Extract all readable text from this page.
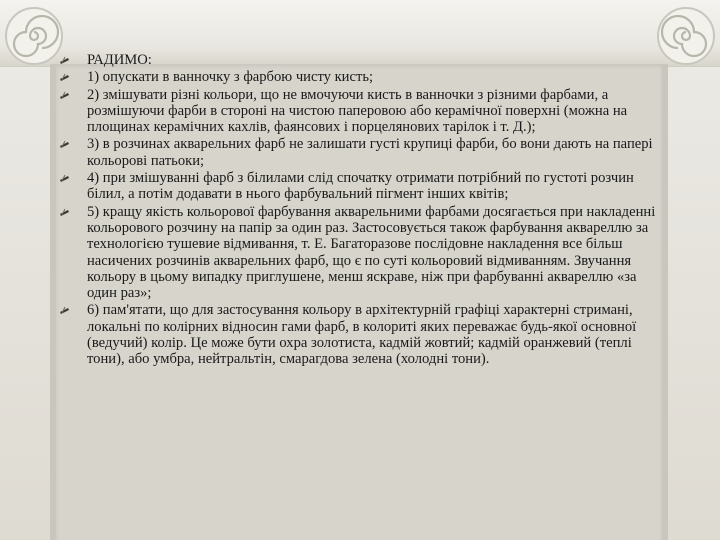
РАДИМО:
1) опускати в ванночку з фарбою чисту кисть;
2) змішувати різні кольори, що не вмочуючи кисть в ванночки з різними фарбами, а розмішуючи фарби в стороні на чистою паперовою або керамічної поверхні (можна на площинах керамічних кахлів, фаянсових і порцелянових тарілок і т. Д.);
3) в розчинах акварельних фарб не залишати густі крупиці фарби, бо вони дають на папері кольорові патьоки;
4) при змішуванні фарб з білилами слід спочатку отримати потрібний по густоті розчин білил, а потім додавати в нього фарбувальний пігмент інших квітів;
5) кращу якість кольорової фарбування акварельними фарбами досягається при накладенні кольорового розчину на папір за один раз. Застосовується також фарбування аквареллю за технологією тушевие відмивання, т. Е. Багаторазове послідовне накладення все більш насичених розчинів акварельних фарб, що є по суті кольоровий відмиванням. Звучання кольору в цьому випадку приглушене, менш яскраве, ніж при фарбуванні аквареллю «за один раз»;
6) пам'ятати, що для застосування кольору в архітектурній графіці характерні стримані, локальні по колірних відносин гами фарб, в колориті яких переважає будь-якої основної (ведучий) колір. Це може бути охра золотиста, кадмій жовтий; кадмій оранжевий (теплі тони), або умбра, нейтральтін, смарагдова зелена (холодні тони).
